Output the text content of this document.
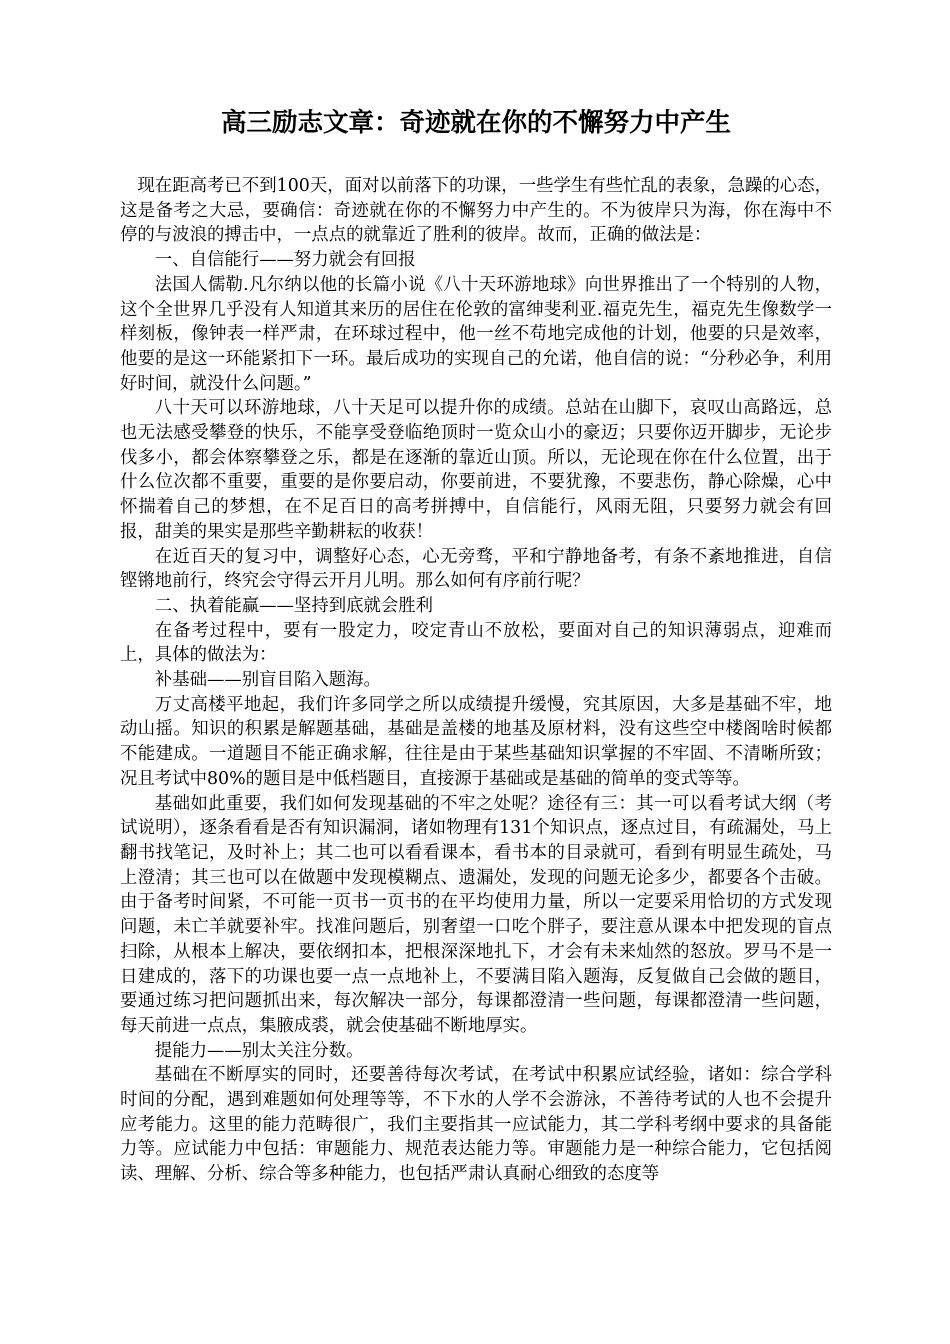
高三励志文章：奇迹就在你的不懈努力中产生

现在距高考已不到100天，面对以前落下的功课，一些学生有些忙乱的表象，急躁的心态，这是备考之大忌，要确信：奇迹就在你的不懈努力中产生的。不为彼岸只为海，你在海中不停的与波浪的搏击中，一点点的就靠近了胜利的彼岸。故而，正确的做法是：

一、自信能行——努力就会有回报

法国人儒勒.凡尔纳以他的长篇小说《八十天环游地球》向世界推出了一个特别的人物，这个全世界几乎没有人知道其来历的居住在伦敦的富绅斐利亚.福克先生，福克先生像数学一样刻板，像钟表一样严肃，在环球过程中，他一丝不苟地完成他的计划，他要的只是效率，他要的是这一环能紧扣下一环。最后成功的实现自己的允诺，他自信的说：“分秒必争，利用好时间，就没什么问题。”

八十天可以环游地球，八十天足可以提升你的成绩。总站在山脚下，哀叹山高路远，总也无法感受攀登的快乐，不能享受登临绝顶时一览众山小的豪迈；只要你迈开脚步，无论步伐多小，都会体察攀登之乐，都是在逐渐的靠近山顶。所以，无论现在你在什么位置，出于什么位次都不重要，重要的是你要启动，你要前进，不要犹豫，不要悲伤，静心除燥，心中怀揣着自己的梦想，在不足百日的高考拼搏中，自信能行，风雨无阻，只要努力就会有回报，甜美的果实是那些辛勤耕耘的收获！

在近百天的复习中，调整好心态，心无旁骛，平和宁静地备考，有条不紊地推进，自信铿锵地前行，终究会守得云开月儿明。那么如何有序前行呢？

二、执着能赢——坚持到底就会胜利

在备考过程中，要有一股定力，咬定青山不放松，要面对自己的知识薄弱点，迎难而上，具体的做法为：

补基础——别盲目陷入题海。

万丈高楼平地起，我们许多同学之所以成绩提升缓慢，究其原因，大多是基础不牢，地动山摇。知识的积累是解题基础，基础是盖楼的地基及原材料，没有这些空中楼阁啥时候都不能建成。一道题目不能正确求解，往往是由于某些基础知识掌握的不牢固、不清晰所致；况且考试中80%的题目是中低档题目，直接源于基础或是基础的简单的变式等等。

基础如此重要，我们如何发现基础的不牢之处呢？途径有三：其一可以看考试大纲（考试说明），逐条看看是否有知识漏洞，诸如物理有131个知识点，逐点过目，有疏漏处，马上翻书找笔记，及时补上；其二也可以看看课本，看书本的目录就可，看到有明显生疏处，马上澄清；其三也可以在做题中发现模糊点、遗漏处，发现的问题无论多少，都要各个击破。由于备考时间紧，不可能一页书一页书的在平均使用力量，所以一定要采用恰切的方式发现问题，未亡羊就要补牢。找准问题后，别奢望一口吃个胖子，要注意从课本中把发现的盲点扫除，从根本上解决，要依纲扣本，把根深深地扎下，才会有未来灿然的怒放。罗马不是一日建成的，落下的功课也要一点一点地补上，不要满目陷入题海，反复做自己会做的题目，要通过练习把问题抓出来，每次解决一部分，每课都澄清一些问题，每课都澄清一些问题，每天前进一点点，集腋成裘，就会使基础不断地厚实。

提能力——别太关注分数。

基础在不断厚实的同时，还要善待每次考试，在考试中积累应试经验，诸如：综合学科时间的分配，遇到难题如何处理等等，不下水的人学不会游泳，不善待考试的人也不会提升应考能力。这里的能力范畴很广，我们主要指其一应试能力，其二学科考纲中要求的具备能力等。应试能力中包括：审题能力、规范表达能力等。审题能力是一种综合能力，它包括阅读、理解、分析、综合等多种能力，也包括严肃认真耐心细致的态度等
